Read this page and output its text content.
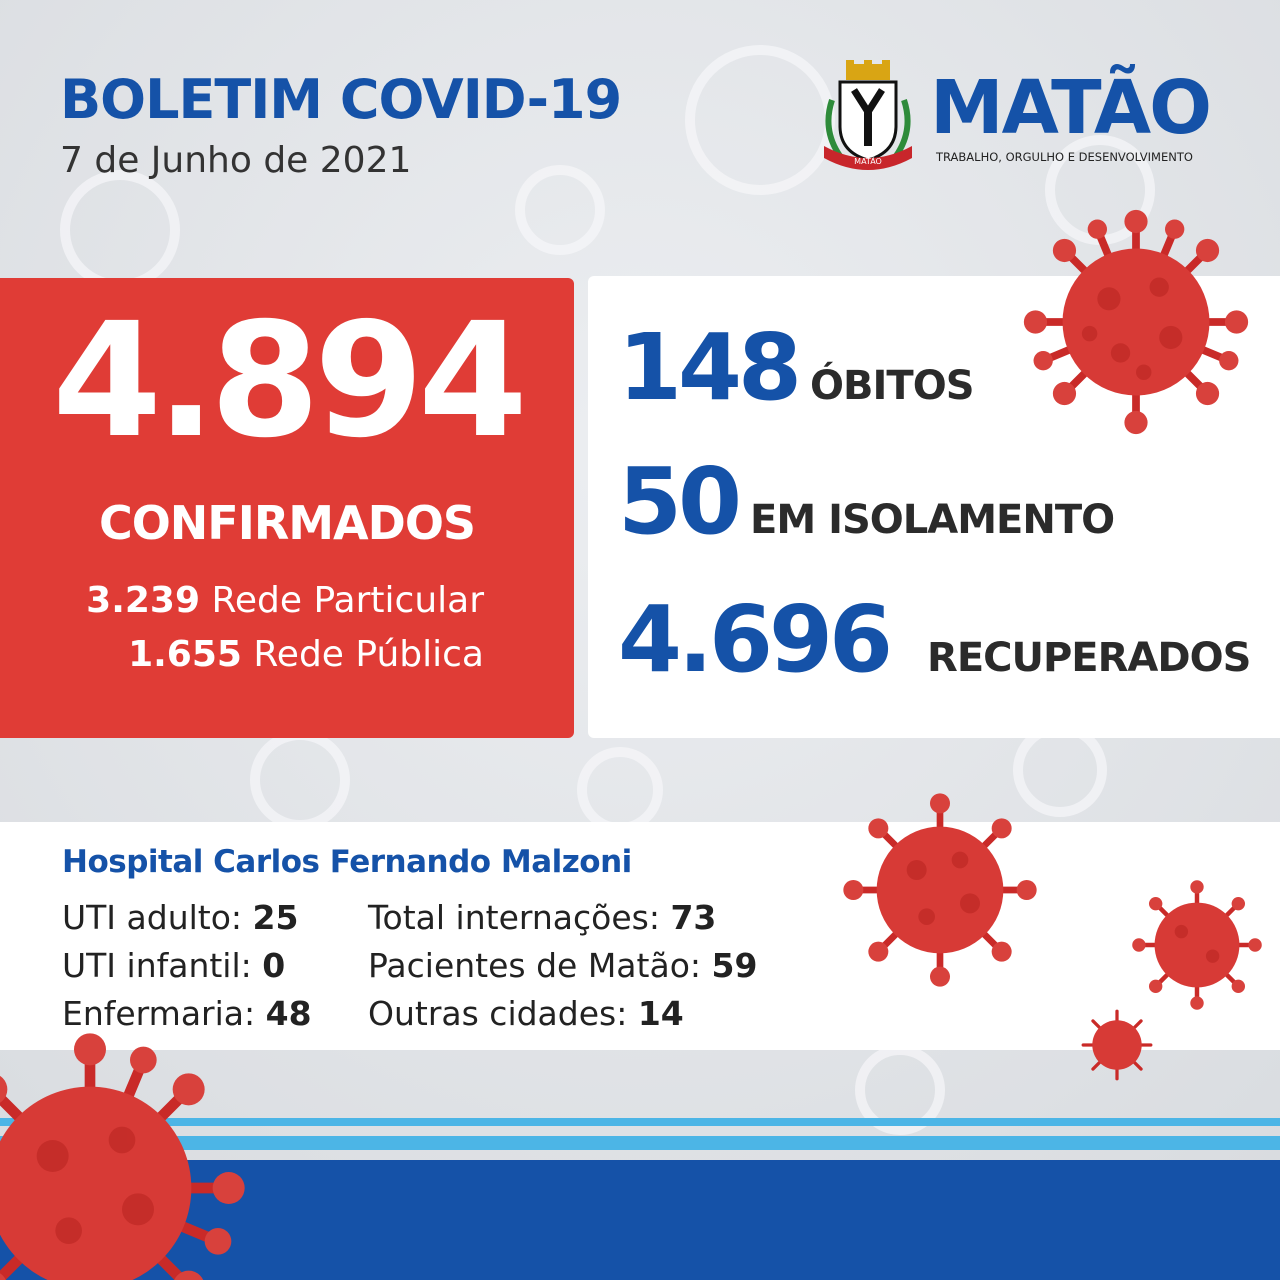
BOLETIM COVID-19
7 de Junho de 2021	MATÃO
MATÃO
TRABALHO, ORGULHO E DESENVOLVIMENTO
4.894
CONFIRMADOS
3.239 Rede Particular
1.655 Rede Pública
148 ÓBITOS
50 EM ISOLAMENTO
4.696 RECUPERADOS
Hospital Carlos Fernando Malzoni
UTI adulto: 25
UTI infantil: 0
Enfermaria: 48
Total internações: 73
Pacientes de Matão: 59
Outras cidades: 14
